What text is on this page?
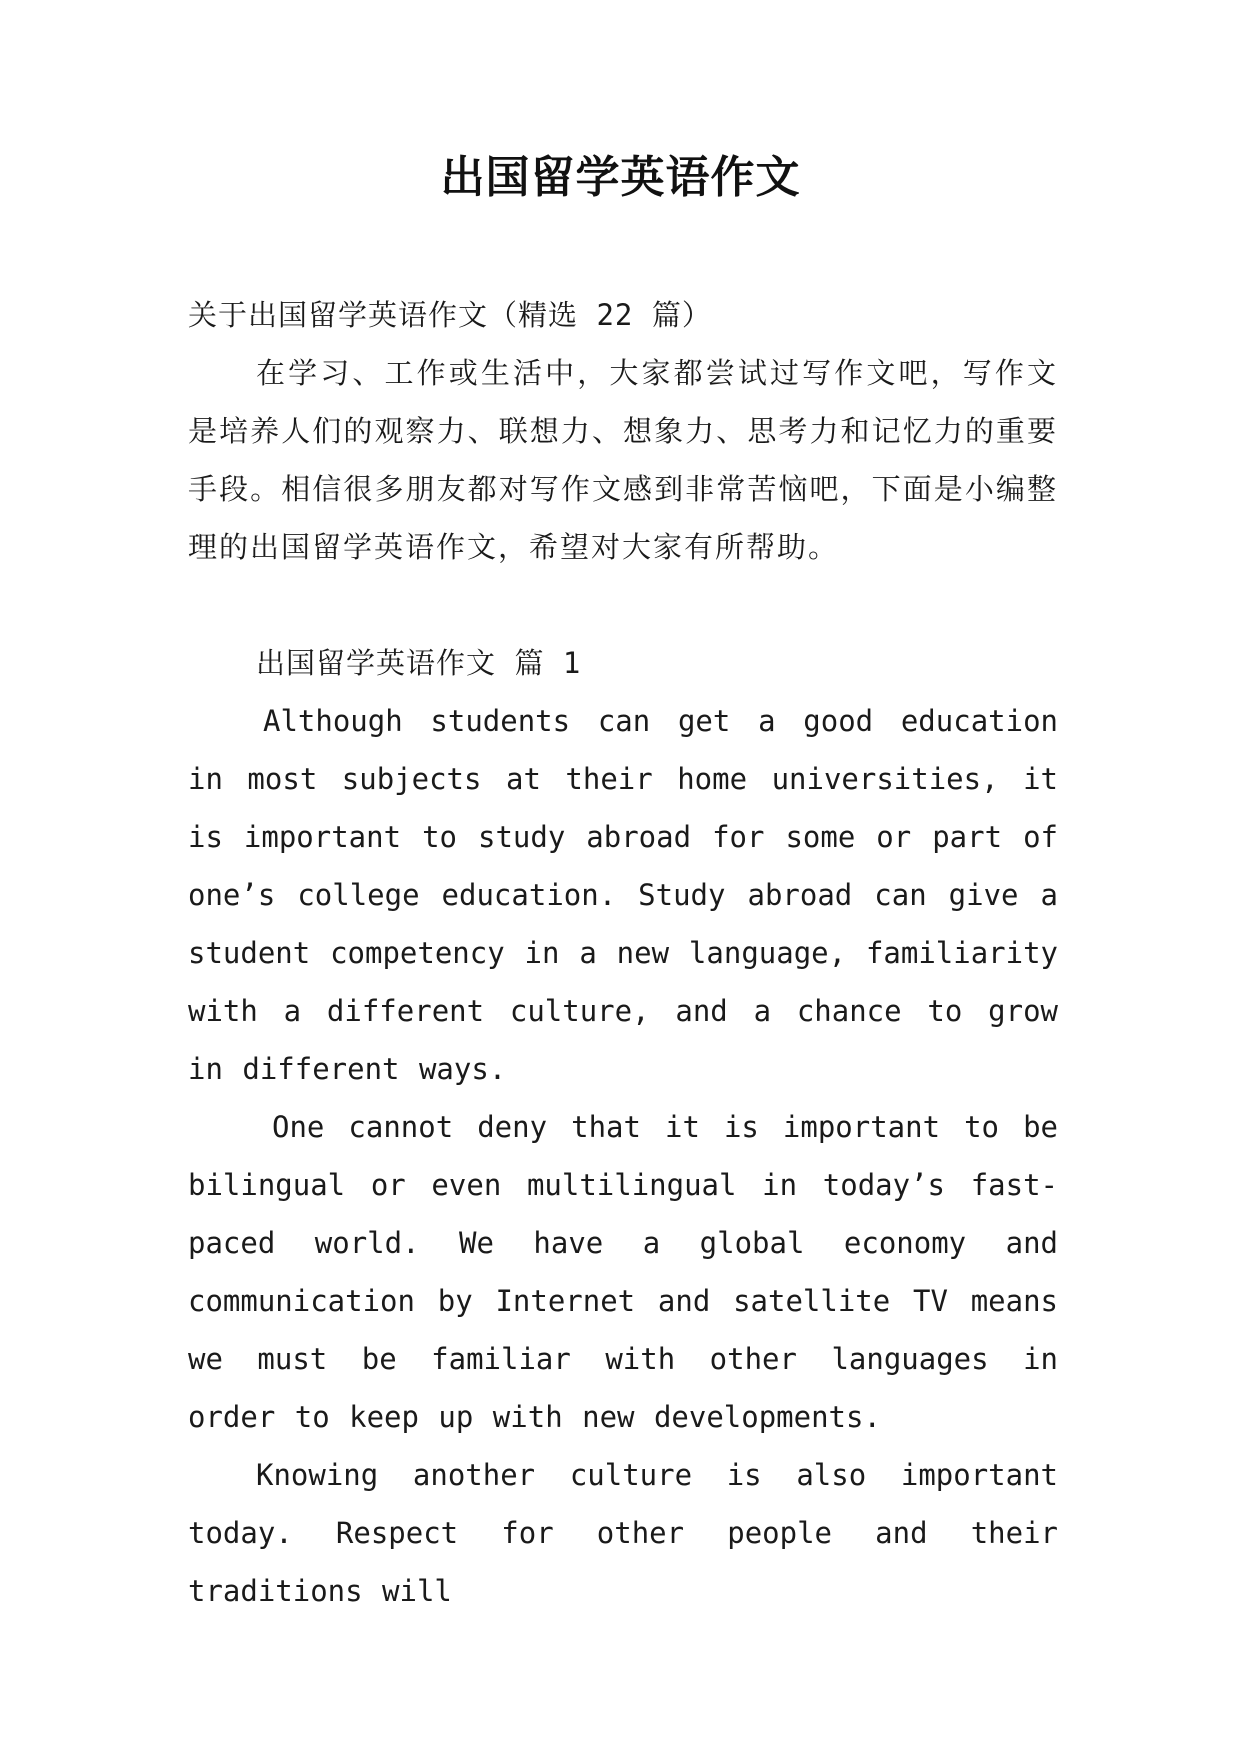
出国留学英语作文
关于出国留学英语作文（精选 22 篇）
在学习、工作或生活中，大家都尝试过写作文吧，写作文是培养人们的观察力、联想力、想象力、思考力和记忆力的重要手段。相信很多朋友都对写作文感到非常苦恼吧，下面是小编整理的出国留学英语作文，希望对大家有所帮助。
出国留学英语作文 篇 1
Although students can get a good education in most subjects at their home universities, it is important to study abroad for some or part of one’s college education. Study abroad can give a student competency in a new language, familiarity with a different culture, and a chance to grow in different ways.
One cannot deny that it is important to be bilingual or even multilingual in today’s fast-paced world. We have a global economy and communication by Internet and satellite TV means we must be familiar with other languages in order to keep up with new developments.
Knowing another culture is also important today. Respect for other people and their traditions will
